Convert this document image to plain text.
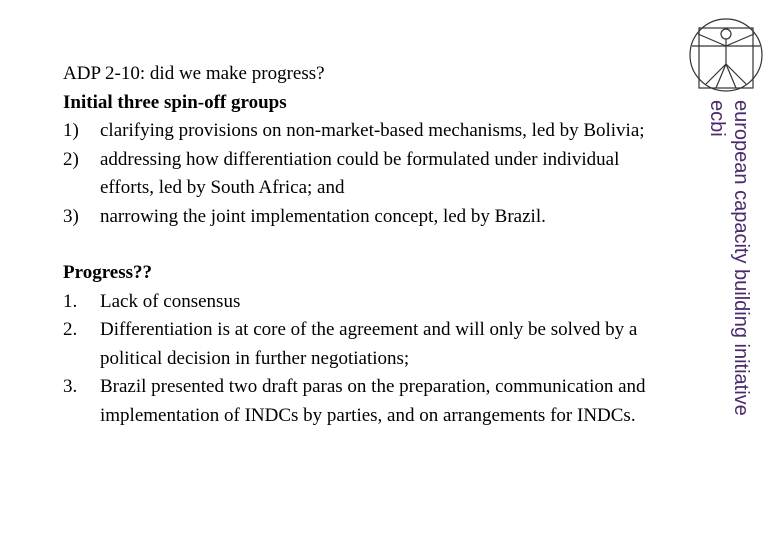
ADP 2-10: did we make progress?

Initial three spin-off groups

1)	clarifying provisions on non-market-based mechanisms, led by Bolivia;
2)	addressing how differentiation could be formulated under individual efforts, led by South Africa; and
3)	narrowing the joint implementation concept, led by Brazil.

Progress??

1.	Lack of consensus
2.	Differentiation is at core of the agreement and will only be solved by a political decision in further negotiations;
3.	Brazil presented two draft paras on the preparation, communication and implementation of INDCs by parties, and on arrangements for INDCs.	european capacity building initiative
ecbi
